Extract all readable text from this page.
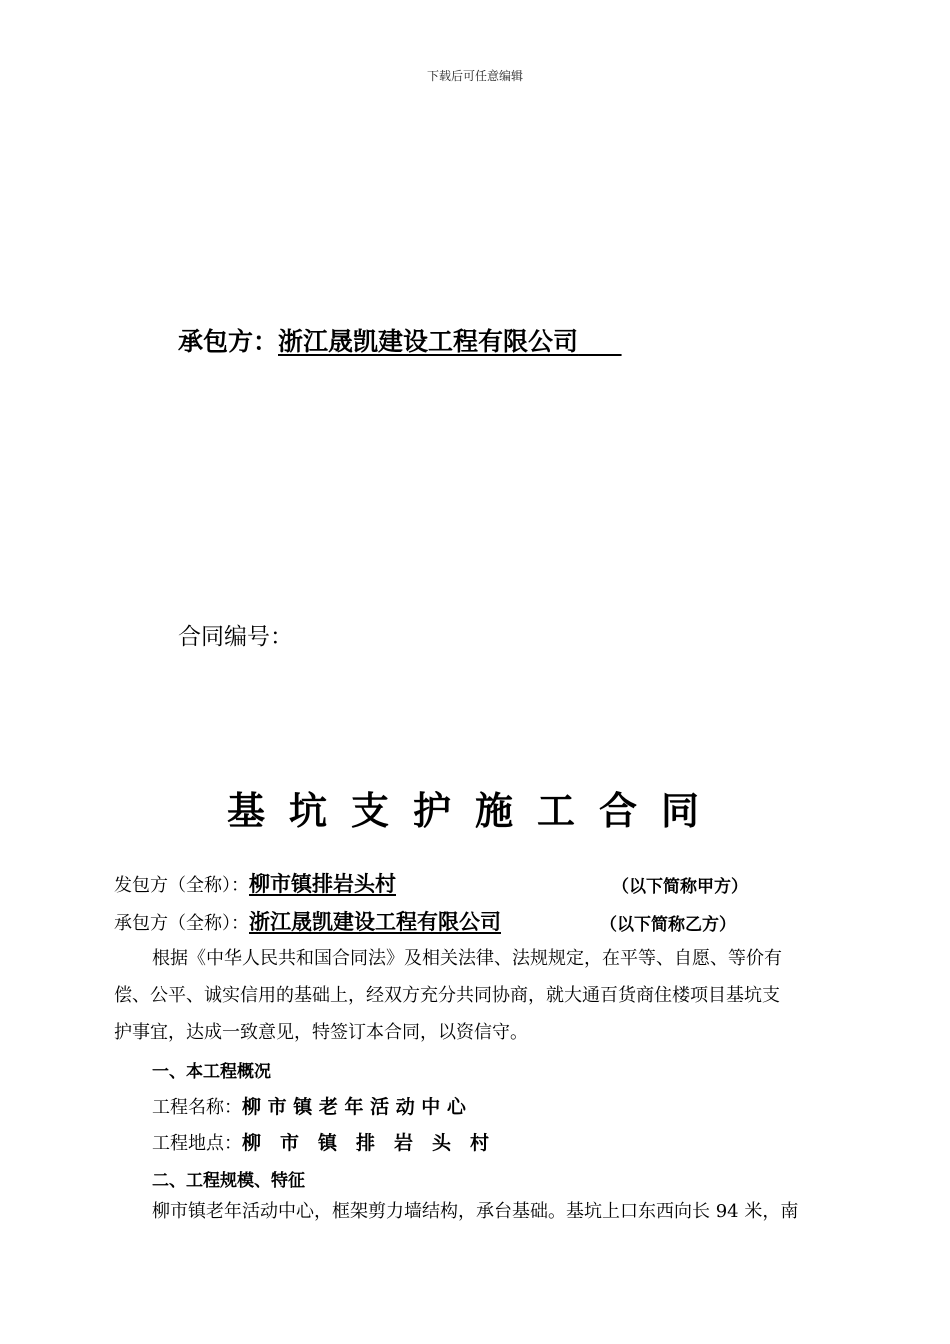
下载后可任意编辑
承包方：浙江晟凯建设工程有限公司
合同编号：
基坑支护施工合同
发包方（全称）：柳市镇排岩头村	（以下简称甲方）
承包方（全称）：浙江晟凯建设工程有限公司	（以下简称乙方）
根据《中华人民共和国合同法》及相关法律、法规规定，在平等、自愿、等价有
偿、公平、诚实信用的基础上，经双方充分共同协商，就大通百货商住楼项目基坑支
护事宜，达成一致意见，特签订本合同，以资信守。
一、本工程概况
工程名称：柳 市 镇 老 年 活 动 中 心
工程地点：柳　市　镇　排　岩　头　村
二、工程规模、特征
柳市镇老年活动中心，框架剪力墙结构，承台基础。基坑上口东西向长 94 米，南
